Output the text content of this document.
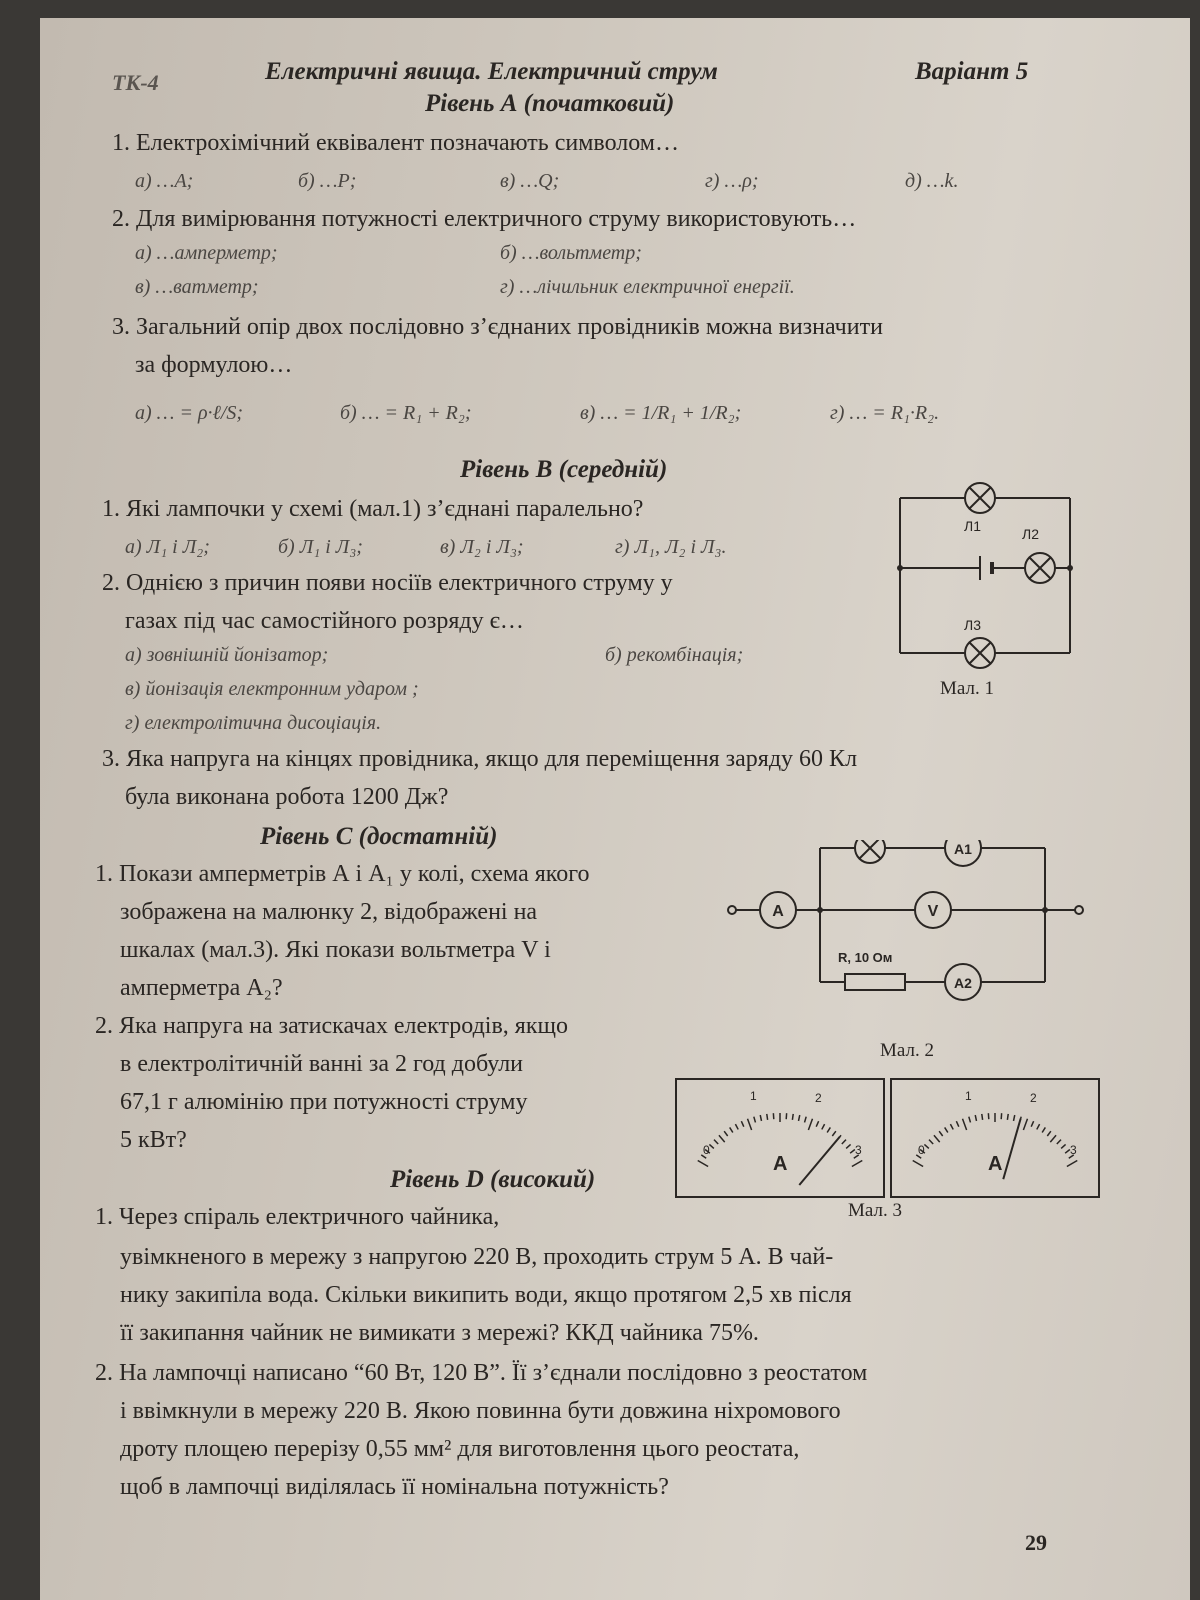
ТК-4	Електричні явища. Електричний струм	Варіант 5
Рівень А (початковий)
1. Електрохімічний еквівалент позначають символом…
а) …A;	б) …P;	в) …Q;	г) …ρ;	д) …k.
2. Для вимірювання потужності електричного струму використовують…
а) …амперметр;	б) …вольтметр;
в) …ватметр;	г) …лічильник електричної енергії.
3. Загальний опір двох послідовно з’єднаних провідників можна визначити
за формулою…
а) … = ρ·ℓ/S;	б) … = R₁ + R₂;	в) … = 1/R₁ + 1/R₂;	г) … = R₁·R₂.
Рівень В (середній)
1. Які лампочки у схемі (мал.1) з’єднані паралельно?
а) Л₁ і Л₂;	б) Л₁ і Л₃;	в) Л₂ і Л₃;	г) Л₁, Л₂ і Л₃.
2. Однією з причин появи носіїв електричного струму у
газах під час самостійного розряду є…
а) зовнішній йонізатор;	б) рекомбінація;
в) йонізація електронним ударом ;
г) електролітична дисоціація.
3. Яка напруга на кінцях провідника, якщо для переміщення заряду 60 Кл
була виконана робота 1200 Дж?
Рівень С (достатній)
1. Покази амперметрів А і А₁ у колі, схема якого
зображена на малюнку 2, відображені на
шкалах (мал.3). Які покази вольтметра V і
амперметра А₂?
2. Яка напруга на затискачах електродів, якщо
в електролітичній ванні за 2 год добули
67,1 г алюмінію при потужності струму
5 кВт?
Рівень D (високий)
1. Через спіраль електричного чайника,
увімкненого в мережу з напругою 220 В, проходить струм 5 А. В чай-
нику закипіла вода. Скільки википить води, якщо протягом 2,5 хв після
її закипання чайник не вимикати з мережі? ККД чайника 75%.
2. На лампочці написано “60 Вт, 120 В”. Її з’єднали послідовно з реостатом
і ввімкнули в мережу 220 В. Якою повинна бути довжина ніхромового
дроту площею перерізу 0,55 мм² для виготовлення цього реостата,
щоб в лампочці виділялась її номінальна потужність?
29
Л1	Л2
Л3
Мал. 1
A
A1
V
R, 10 Ом
A2
Мал. 2
0
1	2
3
A
0
1	2
3
A
Мал. 3
